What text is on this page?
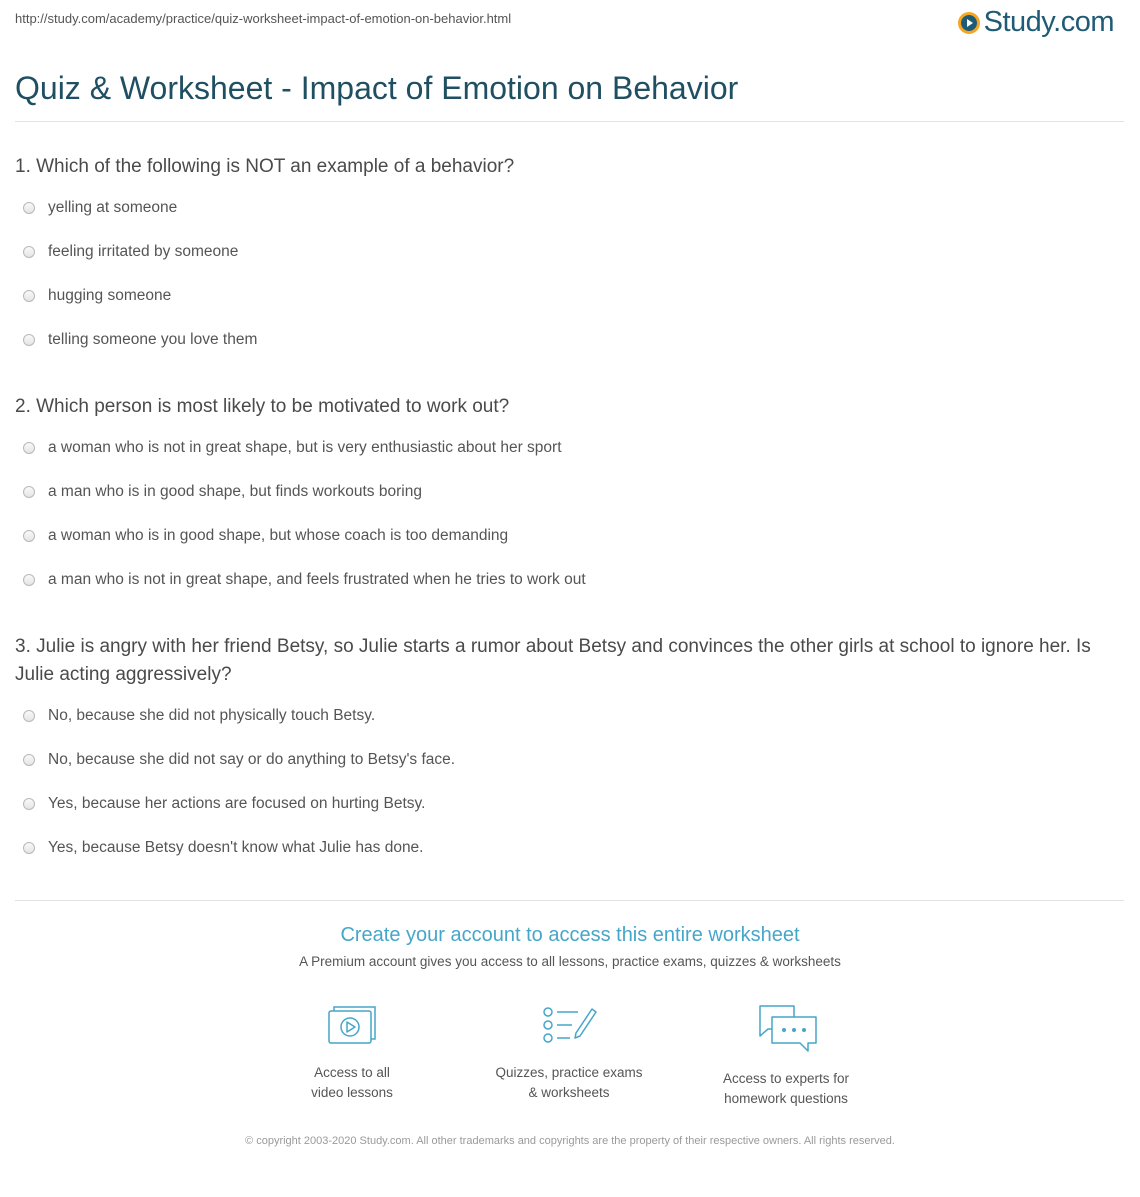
http://study.com/academy/practice/quiz-worksheet-impact-of-emotion-on-behavior.html	Study.com
Quiz & Worksheet - Impact of Emotion on Behavior

1. Which of the following is NOT an example of a behavior?

yelling at someone
feeling irritated by someone
hugging someone
telling someone you love them

2. Which person is most likely to be motivated to work out?

a woman who is not in great shape, but is very enthusiastic about her sport
a man who is in good shape, but finds workouts boring
a woman who is in good shape, but whose coach is too demanding
a man who is not in great shape, and feels frustrated when he tries to work out

3. Julie is angry with her friend Betsy, so Julie starts a rumor about Betsy and convinces the other girls at school to ignore her. Is Julie acting aggressively?

No, because she did not physically touch Betsy.
No, because she did not say or do anything to Betsy's face.
Yes, because her actions are focused on hurting Betsy.
Yes, because Betsy doesn't know what Julie has done.
Create your account to access this entire worksheet
A Premium account gives you access to all lessons, practice exams, quizzes & worksheets
Access to all
video lessons
Quizzes, practice exams
& worksheets
Access to experts for
homework questions
© copyright 2003-2020 Study.com. All other trademarks and copyrights are the property of their respective owners. All rights reserved.
